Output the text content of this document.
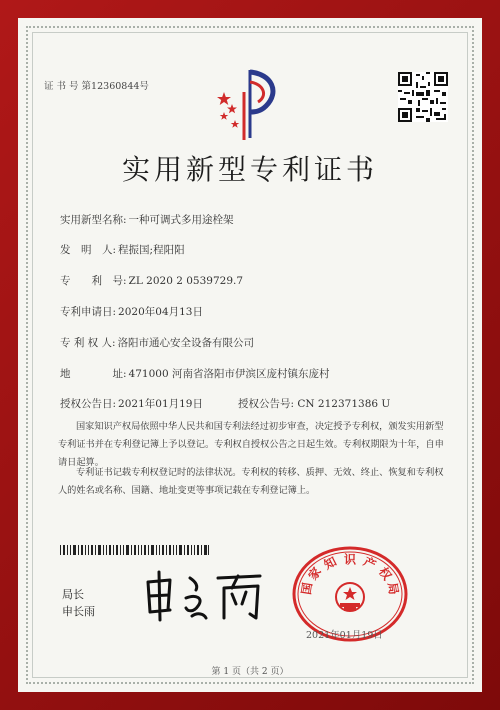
证 书 号 第12360844号
实用新型专利证书
实用新型名称: 一种可调式多用途栓架
发　明　人: 程振国;程阳阳
专　　利　号: ZL 2020 2 0539729.7
专利申请日: 2020年04月13日
专 利 权 人: 洛阳市通心安全设备有限公司
地　　　　址: 471000 河南省洛阳市伊滨区庞村镇东庞村
授权公告日: 2021年01月19日	授权公告号: CN 212371386 U
国家知识产权局依照中华人民共和国专利法经过初步审查，决定授予专利权，颁发实用新型专利证书并在专利登记簿上予以登记。专利权自授权公告之日起生效。专利权期限为十年，自申请日起算。
专利证书记载专利权登记时的法律状况。专利权的转移、质押、无效、终止、恢复和专利权人的姓名或名称、国籍、地址变更等事项记载在专利登记簿上。
局长
申长雨
国
家
知 识 产
权
局
2021年01月19日
第 1 页（共 2 页）
